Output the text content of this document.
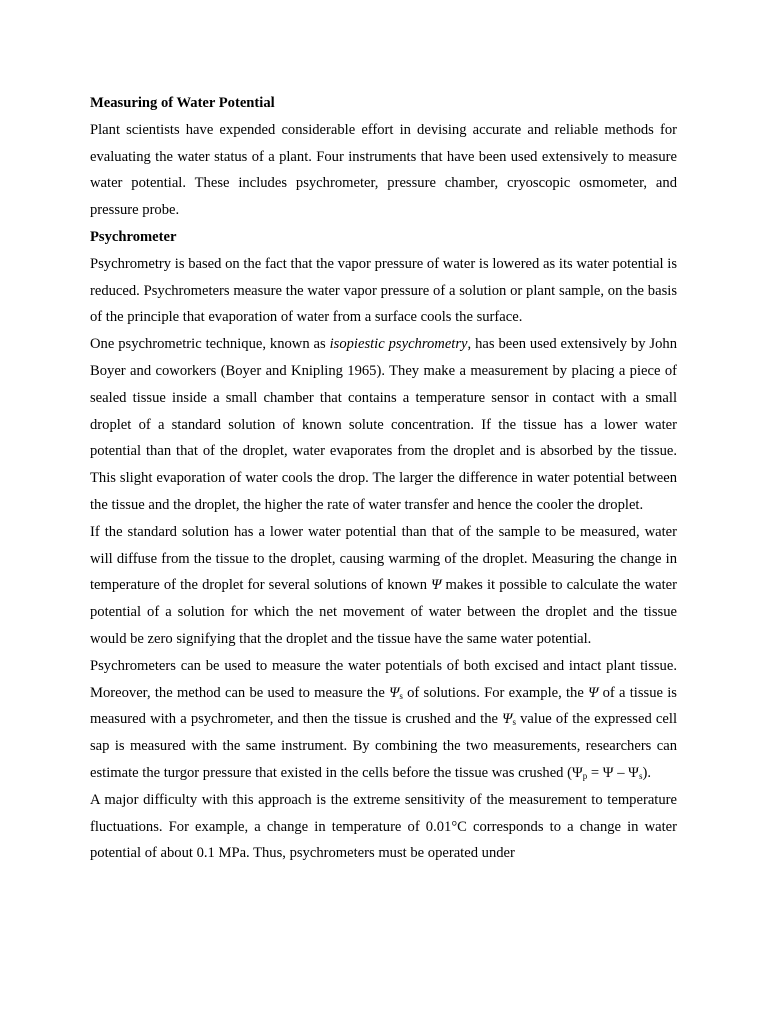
Measuring of Water Potential

Plant scientists have expended considerable effort in devising accurate and reliable methods for evaluating the water status of a plant. Four instruments that have been used extensively to measure water potential. These includes psychrometer, pressure chamber, cryoscopic osmometer, and pressure probe.

Psychrometer

Psychrometry is based on the fact that the vapor pressure of water is lowered as its water potential is reduced. Psychrometers measure the water vapor pressure of a solution or plant sample, on the basis of the principle that evaporation of water from a surface cools the surface.

One psychrometric technique, known as isopiestic psychrometry, has been used extensively by John Boyer and coworkers (Boyer and Knipling 1965). They make a measurement by placing a piece of sealed tissue inside a small chamber that contains a temperature sensor in contact with a small droplet of a standard solution of known solute concentration. If the tissue has a lower water potential than that of the droplet, water evaporates from the droplet and is absorbed by the tissue. This slight evaporation of water cools the drop. The larger the difference in water potential between the tissue and the droplet, the higher the rate of water transfer and hence the cooler the droplet.

If the standard solution has a lower water potential than that of the sample to be measured, water will diffuse from the tissue to the droplet, causing warming of the droplet. Measuring the change in temperature of the droplet for several solutions of known Ψ makes it possible to calculate the water potential of a solution for which the net movement of water between the droplet and the tissue would be zero signifying that the droplet and the tissue have the same water potential.

Psychrometers can be used to measure the water potentials of both excised and intact plant tissue. Moreover, the method can be used to measure the $\Psi_s$ of solutions. For example, the Ψ of a tissue is measured with a psychrometer, and then the tissue is crushed and the $\Psi_s$ value of the expressed cell sap is measured with the same instrument. By combining the two measurements, researchers can estimate the turgor pressure that existed in the cells before the tissue was crushed $(\Psi_p = \Psi - \Psi_s)$.

A major difficulty with this approach is the extreme sensitivity of the measurement to temperature fluctuations. For example, a change in temperature of 0.01°C corresponds to a change in water potential of about 0.1 MPa. Thus, psychrometers must be operated under
